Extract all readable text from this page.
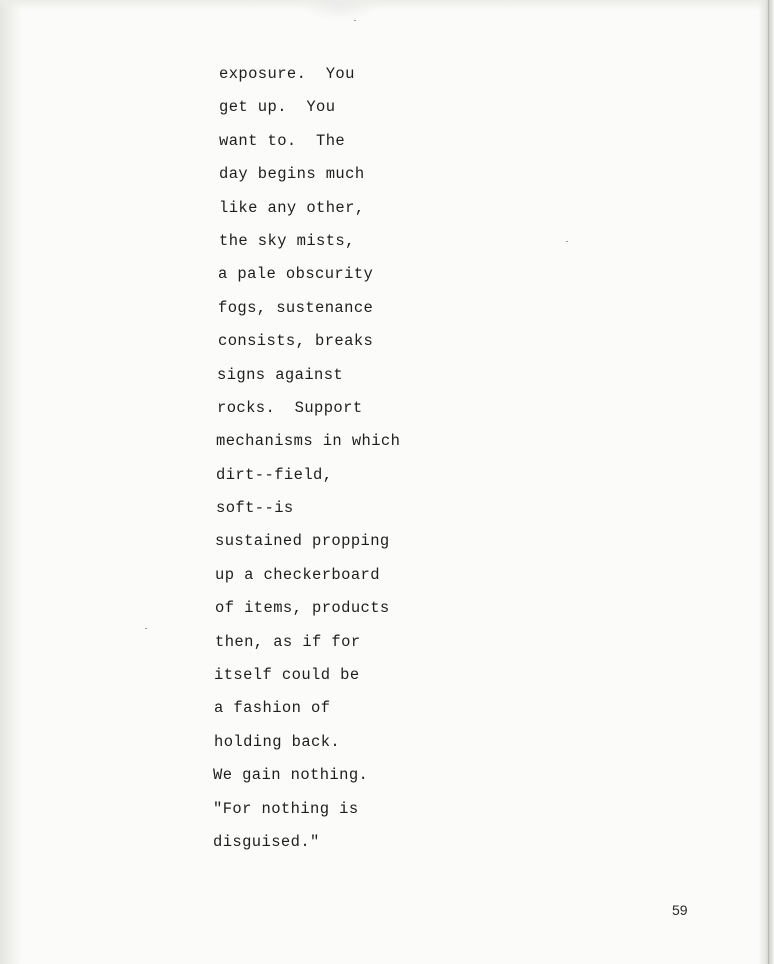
exposure.  You
get up.  You
want to.  The
day begins much
like any other,
the sky mists,
a pale obscurity
fogs, sustenance
consists, breaks
signs against
rocks.  Support
mechanisms in which
dirt--field,
soft--is
sustained propping
up a checkerboard
of items, products
then, as if for
itself could be
a fashion of
holding back.
We gain nothing.
"For nothing is
disguised."
59
